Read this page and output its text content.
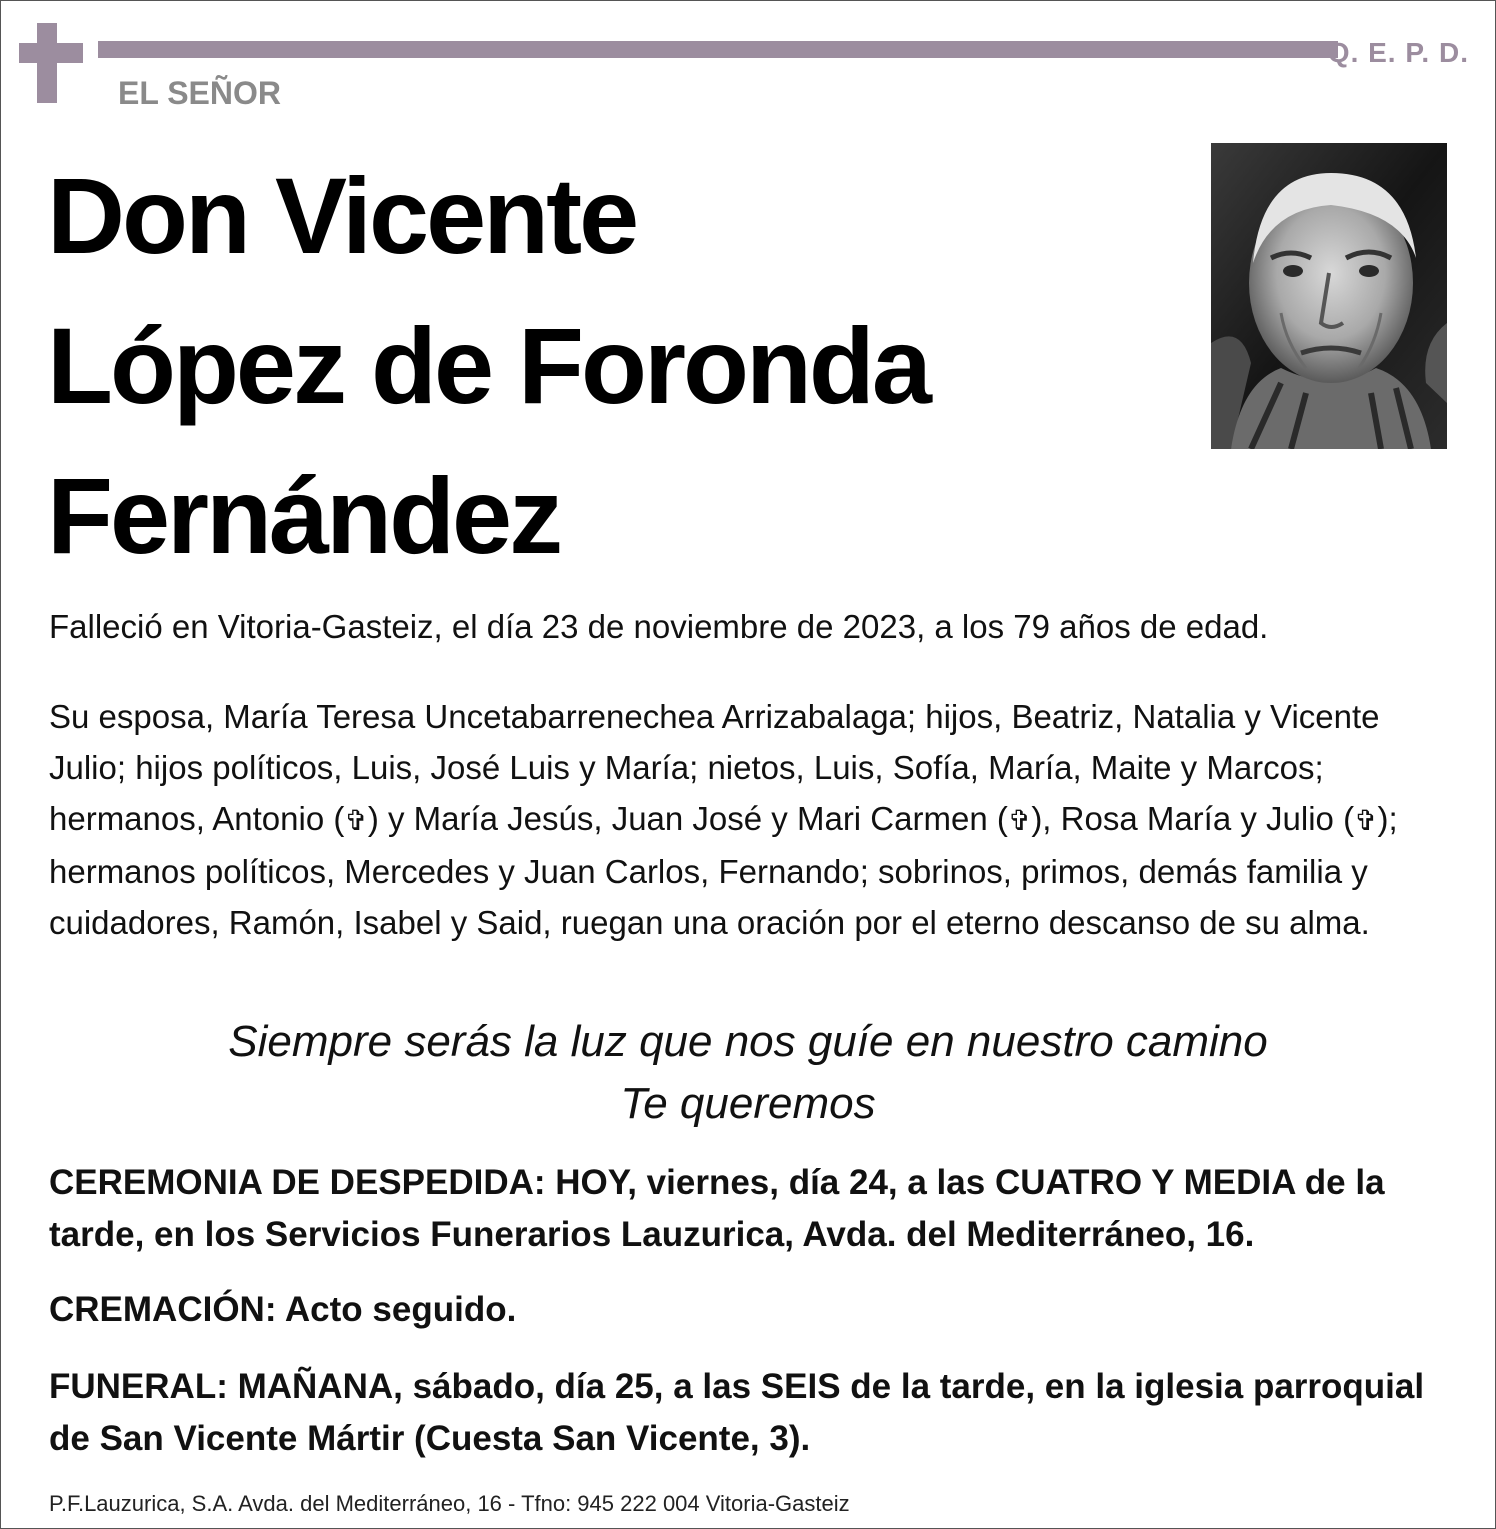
Q. E. P. D.
EL SEÑOR
Don Vicente
López de Foronda
Fernández
Falleció en Vitoria-Gasteiz, el día 23 de noviembre de 2023, a los 79 años de edad.
Su esposa, María Teresa Uncetabarrenechea Arrizabalaga; hijos, Beatriz, Natalia y Vicente Julio; hijos políticos, Luis, José Luis y María; nietos, Luis, Sofía, María, Maite y Marcos; hermanos, Antonio (✞) y María Jesús, Juan José y Mari Carmen (✞), Rosa María y Julio (✞); hermanos políticos, Mercedes y Juan Carlos, Fernando; sobrinos, primos, demás familia y cuidadores, Ramón, Isabel y Said, ruegan una oración por el eterno descanso de su alma.
Siempre serás la luz que nos guíe en nuestro camino
Te queremos
CEREMONIA DE DESPEDIDA: HOY, viernes, día 24, a las CUATRO Y MEDIA de la tarde, en los Servicios Funerarios Lauzurica, Avda. del Mediterráneo, 16.
CREMACIÓN: Acto seguido.
FUNERAL: MAÑANA, sábado, día 25, a las SEIS de la tarde, en la iglesia parroquial de San Vicente Mártir (Cuesta San Vicente, 3).
P.F.Lauzurica, S.A. Avda. del Mediterráneo, 16 - Tfno: 945 222 004 Vitoria-Gasteiz
